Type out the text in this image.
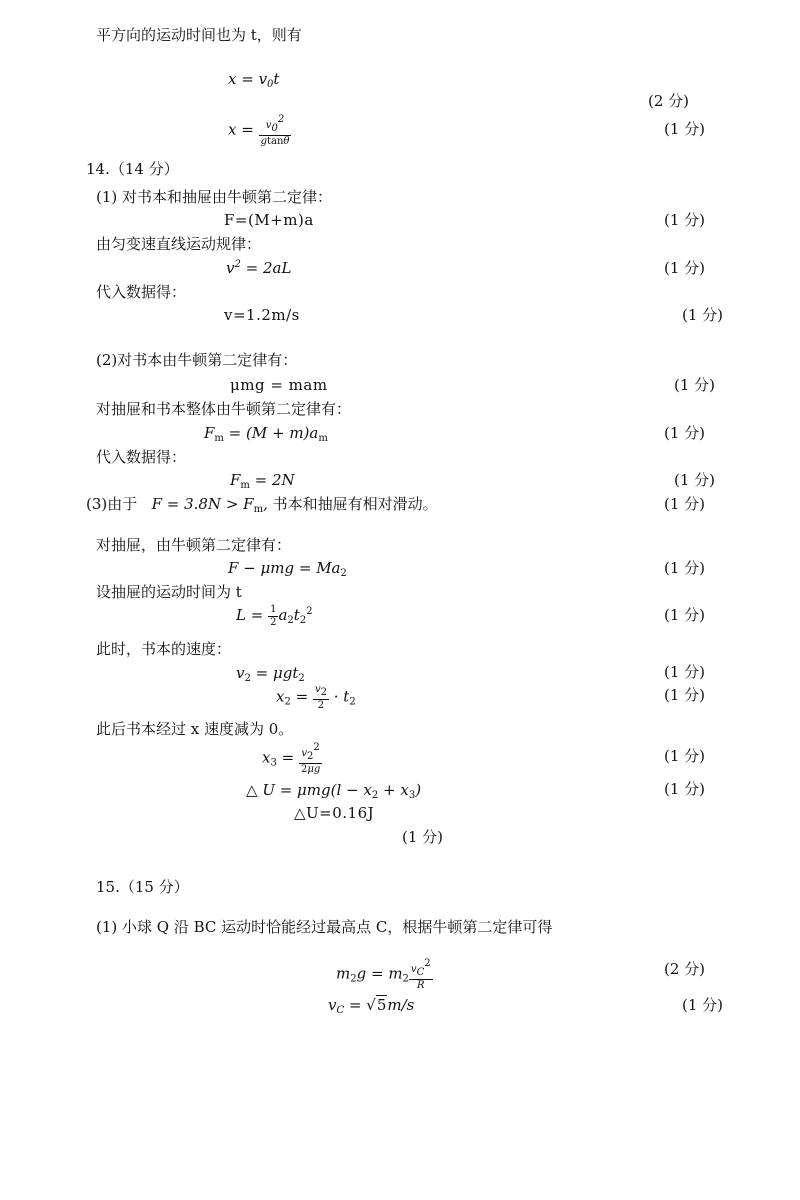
平方向的运动时间也为 t，则有
$x = v_0t$
(2 分)
$x = \frac{v02}{gtan\theta}$	(1 分)
14.（14 分）
(1) 对书本和抽屉由牛顿第二定律：
F=(M+m)a	(1 分)
由匀变速直线运动规律：
$v^2 = 2aL$	(1 分)
代入数据得：
v=1.2m/s	(1 分)
(2)对书本由牛顿第二定律有：
μmg = mam	(1 分)
对抽屉和书本整体由牛顿第二定律有：
$F_m = (M + m)a_m$	(1 分)
代入数据得：
$F_m = 2N$	(1 分)
(3)由于 $F = 3.8N > F_m$, 书本和抽屉有相对滑动。	(1 分)
对抽屉，由牛顿第二定律有：
$F - \mu mg = Ma_2$	(1 分)
设抽屉的运动时间为 t
$L = \frac{1}{2} a_2t_2^2$	(1 分)
此时，书本的速度：
$v_2 = \mu gt_2$	(1 分)
$x_2 = \frac{v2}{2} \cdot t_2$	(1 分)
此后书本经过 x 速度减为 0。
$x_3 = \frac{v22}{2\mu g}$	(1 分)
△ $U = \mu mg(l - x_2 + x_3)$	(1 分)
△U=0.16J
(1 分)
15.（15 分）
(1) 小球 Q 沿 BC 运动时恰能经过最高点 C，根据牛顿第二定律可得
$m_2g = m_2 \frac{vC2}{R}$	(2 分)
$v_C = √5m/s$	(1 分)
